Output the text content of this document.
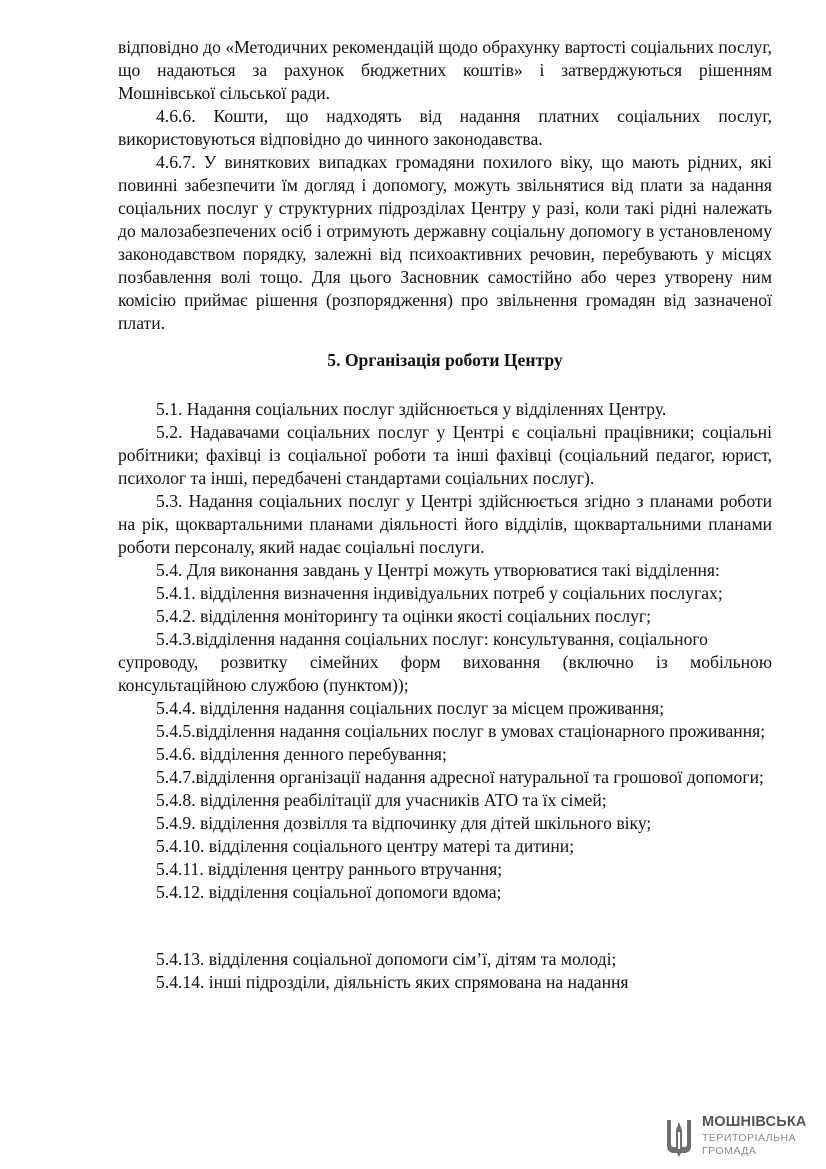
відповідно до «Методичних рекомендацій щодо обрахунку вартості соціальних послуг, що надаються за рахунок бюджетних коштів» і затверджуються рішенням Мошнівської сільської ради.

4.6.6. Кошти, що надходять від надання платних соціальних послуг, використовуються відповідно до чинного законодавства.

4.6.7. У виняткових випадках громадяни похилого віку, що мають рідних, які повинні забезпечити їм догляд і допомогу, можуть звільнятися від плати за надання соціальних послуг у структурних підрозділах Центру у разі, коли такі рідні належать до малозабезпечених осіб і отримують державну соціальну допомогу в установленому законодавством порядку, залежні від психоактивних речовин, перебувають у місцях позбавлення волі тощо. Для цього Засновник самостійно або через утворену ним комісію приймає рішення (розпорядження) про звільнення громадян від зазначеної плати.

5. Організація роботи Центру

5.1. Надання соціальних послуг здійснюється у відділеннях Центру.

5.2. Надавачами соціальних послуг у Центрі є соціальні працівники; соціальні робітники; фахівці із соціальної роботи та інші фахівці (соціальний педагог, юрист, психолог та інші, передбачені стандартами соціальних послуг).

5.3. Надання соціальних послуг у Центрі здійснюється згідно з планами роботи на рік, щоквартальними планами діяльності його відділів, щоквартальними планами роботи персоналу, який надає соціальні послуги.

5.4. Для виконання завдань у Центрі можуть утворюватися такі відділення:

5.4.1. відділення визначення індивідуальних потреб у соціальних послугах;

5.4.2. відділення моніторингу та оцінки якості соціальних послуг;

5.4.3.відділення надання соціальних послуг: консультування, соціального

супроводу, розвитку сімейних форм виховання (включно із мобільною консультаційною службою (пунктом));

5.4.4. відділення надання соціальних послуг за місцем проживання;

5.4.5.відділення надання соціальних послуг в умовах стаціонарного проживання;

5.4.6. відділення денного перебування;

5.4.7.відділення організації надання адресної натуральної та грошової допомоги;

5.4.8. відділення реабілітації для учасників АТО та їх сімей;

5.4.9. відділення дозвілля та відпочинку для дітей шкільного віку;

5.4.10. відділення соціального центру матері та дитини;

5.4.11. відділення центру раннього втручання;

5.4.12. відділення соціальної допомоги вдома;

5.4.13. відділення соціальної допомоги сім’ї, дітям та молоді;

5.4.14. інші підрозділи, діяльність яких спрямована на надання

МОШНІВСЬКА
ТЕРИТОРІАЛЬНА
ГРОМАДА
